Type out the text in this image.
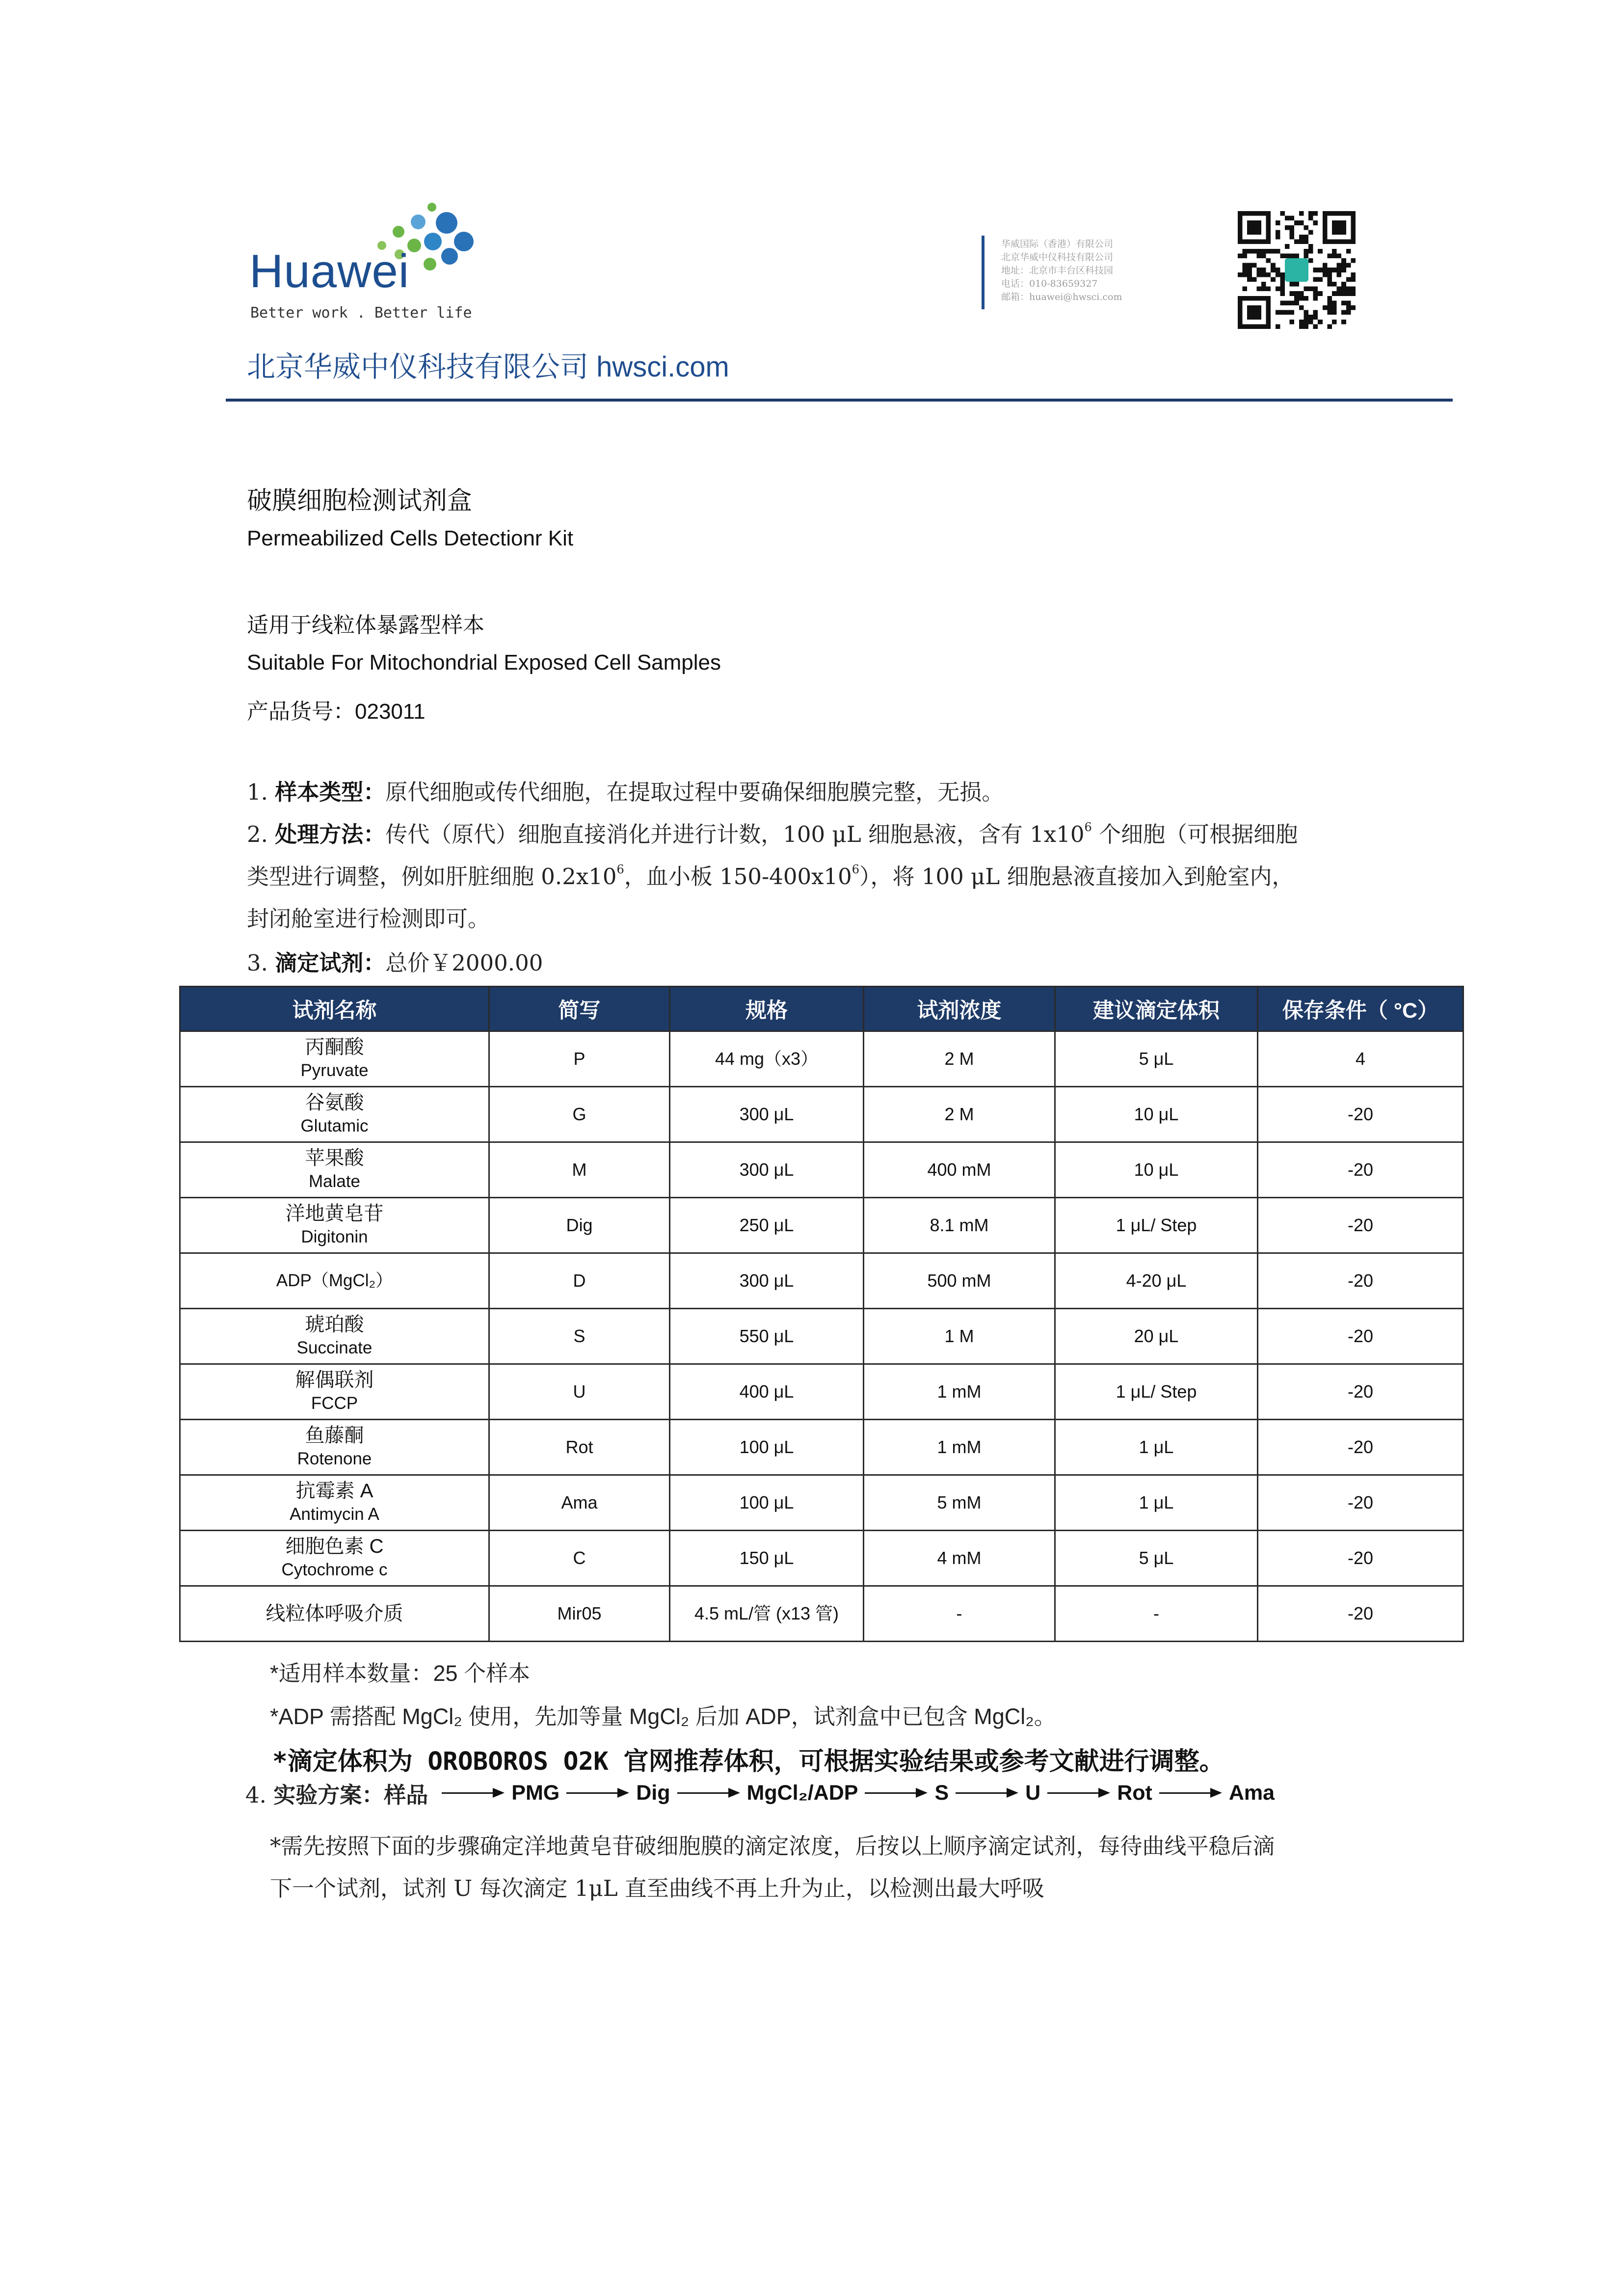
Huawei
Better work . Better life
北京华威中仪科技有限公司 hwsci.com
华威国际（香港）有限公司
北京华威中仪科技有限公司
地址：北京市丰台区科技园
电话：010-83659327
邮箱：huawei@hwsci.com
破膜细胞检测试剂盒
Permeabilized Cells Detectionr Kit
适用于线粒体暴露型样本
Suitable For Mitochondrial Exposed Cell Samples
产品货号：023011
1. 样本类型：原代细胞或传代细胞，在提取过程中要确保细胞膜完整，无损。
2. 处理方法：传代（原代）细胞直接消化并进行计数，100 μL 细胞悬液，含有 $1x10^6$ 个细胞（可根据细胞
类型进行调整，例如肝脏细胞 $0.2x10^6$，血小板 $150-400x10^6$），将 100 μL 细胞悬液直接加入到舱室内，
封闭舱室进行检测即可。
3. 滴定试剂：总价￥2000.00
试剂名称	简写	规格	试剂浓度	建议滴定体积	保存条件（ °C）

丙酮酸
Pyruvate	P	44 mg（x3）	2 M	5 μL	4

谷氨酸
Glutamic	G	300 μL	2 M	10 μL	-20

苹果酸
Malate	M	300 μL	400 mM	10 μL	-20

洋地黄皂苷
Digitonin	Dig	250 μL	8.1 mM	1 μL/ Step	-20

ADP（MgCl₂）	D	300 μL	500 mM	4-20 μL	-20

琥珀酸
Succinate	S	550 μL	1 M	20 μL	-20

解偶联剂
FCCP	U	400 μL	1 mM	1 μL/ Step	-20

鱼藤酮
Rotenone	Rot	100 μL	1 mM	1 μL	-20

抗霉素 A
Antimycin A	Ama	100 μL	5 mM	1 μL	-20

细胞色素 C
Cytochrome c	C	150 μL	4 mM	5 μL	-20

线粒体呼吸介质	Mir05	4.5 mL/管 (x13 管)	-	-	-20
*适用样本数量：25 个样本
*ADP 需搭配 MgCl₂ 使用，先加等量 MgCl₂ 后加 ADP，试剂盒中已包含 MgCl₂。
*滴定体积为 OROBOROS O2K 官网推荐体积，可根据实验结果或参考文献进行调整。
4. 实验方案：样品	PMG	Dig	MgCl₂/ADP	S	U	Rot	Ama
*需先按照下面的步骤确定洋地黄皂苷破细胞膜的滴定浓度，后按以上顺序滴定试剂，每待曲线平稳后滴
下一个试剂，试剂 U 每次滴定 1μL 直至曲线不再上升为止，以检测出最大呼吸
